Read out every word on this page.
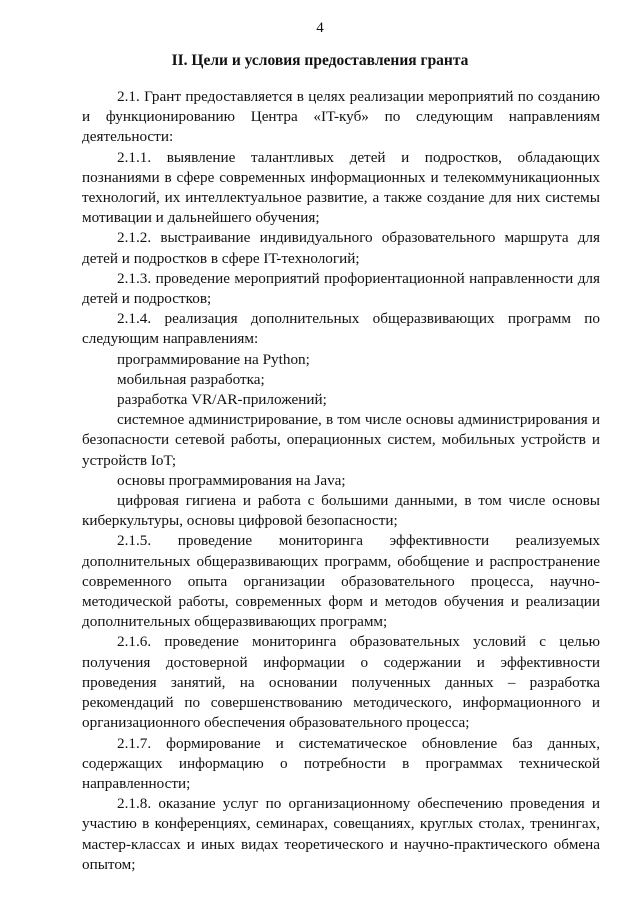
4
II. Цели и условия предоставления гранта

2.1. Грант предоставляется в целях реализации мероприятий по созданию и функционированию Центра «IT-куб» по следующим направлениям деятельности:

2.1.1. выявление талантливых детей и подростков, обладающих познаниями в сфере современных информационных и телекоммуникационных технологий, их интеллектуальное развитие, а также создание для них системы мотивации и дальнейшего обучения;

2.1.2. выстраивание индивидуального образовательного маршрута для детей и подростков в сфере IT-технологий;

2.1.3. проведение мероприятий профориентационной направленности для детей и подростков;

2.1.4. реализация дополнительных общеразвивающих программ по следующим направлениям:

программирование на Python;

мобильная разработка;

разработка VR/AR-приложений;

системное администрирование, в том числе основы администрирования и безопасности сетевой работы, операционных систем, мобильных устройств и устройств IoT;

основы программирования на Java;

цифровая гигиена и работа с большими данными, в том числе основы киберкультуры, основы цифровой безопасности;

2.1.5. проведение мониторинга эффективности реализуемых дополнительных общеразвивающих программ, обобщение и распространение современного опыта организации образовательного процесса, научно-методической работы, современных форм и методов обучения и реализации дополнительных общеразвивающих программ;

2.1.6. проведение мониторинга образовательных условий с целью получения достоверной информации о содержании и эффективности проведения занятий, на основании полученных данных – разработка рекомендаций по совершенствованию методического, информационного и организационного обеспечения образовательного процесса;

2.1.7. формирование и систематическое обновление баз данных, содержащих информацию о потребности в программах технической направленности;

2.1.8. оказание услуг по организационному обеспечению проведения и участию в конференциях, семинарах, совещаниях, круглых столах, тренингах, мастер-классах и иных видах теоретического и научно-практического обмена опытом;
